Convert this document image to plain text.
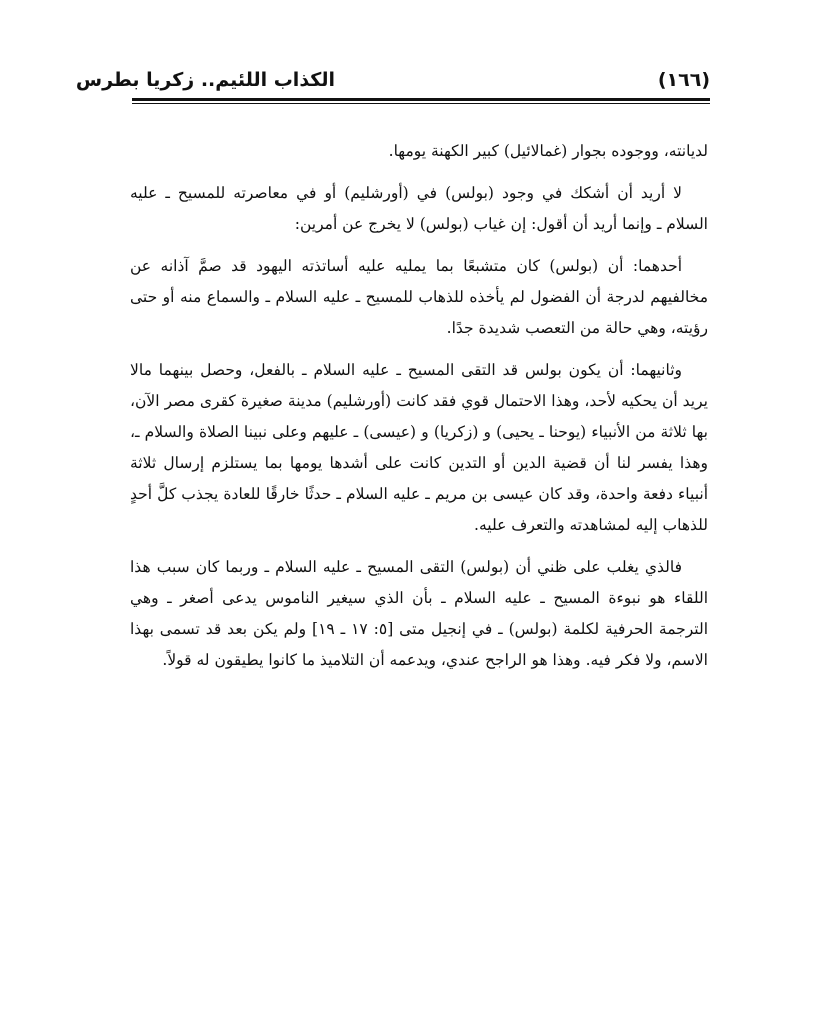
(١٦٦)
الكذاب اللئيم.. زكريا بطرس

لديانته، ووجوده بجوار (غمالائيل) كبير الكهنة يومها.

لا أريد أن أشكك في وجود (بولس) في (أورشليم) أو في معاصرته للمسيح ـ عليه السلام ـ وإنما أريد أن أقول: إن غياب (بولس) لا يخرج عن أمرين:

أحدهما: أن (بولس) كان متشبعًا بما يمليه عليه أساتذته اليهود قد صمَّ آذانه عن مخالفيهم لدرجة أن الفضول لم يأخذه للذهاب للمسيح ـ عليه السلام ـ والسماع منه أو حتى رؤيته، وهي حالة من التعصب شديدة جدًا.

وثانيهما: أن يكون بولس قد التقى المسيح ـ عليه السلام ـ بالفعل، وحصل بينهما مالا يريد أن يحكيه لأحد، وهذا الاحتمال قوي فقد كانت (أورشليم) مدينة صغيرة كقرى مصر الآن، بها ثلاثة من الأنبياء (يوحنا ـ يحيى) و (زكريا) و (عيسى) ـ عليهم وعلى نبينا الصلاة والسلام ـ، وهذا يفسر لنا أن قضية الدين أو التدين كانت على أشدها يومها بما يستلزم إرسال ثلاثة أنبياء دفعة واحدة، وقد كان عيسى بن مريم ـ عليه السلام ـ حدثًا خارقًا للعادة يجذب كلَّ أحدٍ للذهاب إليه لمشاهدته والتعرف عليه.

فالذي يغلب على ظني أن (بولس) التقى المسيح ـ عليه السلام ـ وربما كان سبب هذا اللقاء هو نبوءة المسيح ـ عليه السلام ـ بأن الذي سيغير الناموس يدعى أصغر ـ وهي الترجمة الحرفية لكلمة (بولس) ـ في إنجيل متى [٥: ١٧ ـ ١٩] ولم يكن بعد قد تسمى بهذا الاسم، ولا فكر فيه. وهذا هو الراجح عندي، ويدعمه أن التلاميذ ما كانوا يطيقون له قولاً.
